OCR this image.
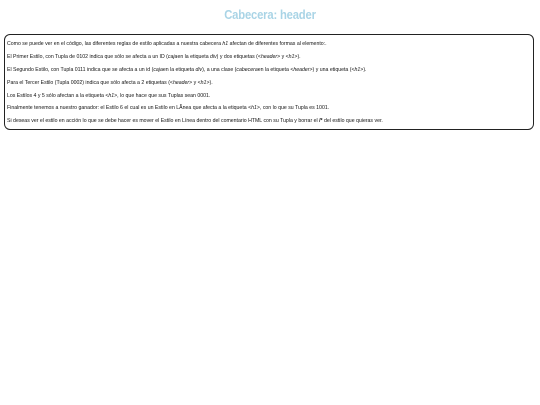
Cabecera: header

Como se puede ver en el código, las diferentes reglas de estilo aplicadas a nuestra cabecera h1 afectan de diferentes formas al elemento:.

El Primer Estilo, con Tupla de 0102 indica que sólo se afecta a un ID (cajaen la etiqueta div) y dos etiquetas (<header> y <h1>).

El Segundo Estilo, con Tupla 0111 indica que se afecta a un id (cajaen la etiqueta div), a una clase (cabeceraen la etiqueta <header>) y una etiqueta (<h1>).

Para el Tercer Estilo (Tupla 0002) indica que sólo afecta a 2 etiquetas (<header> y <h1>).

Los Estilos 4 y 5 sólo afectan a la etiqueta <h1>, lo que hace que sus Tuplas sean 0001.

Finalmente tenemos a nuestro ganador: el Estilo 6 el cual es un Estilo en LÃnea que afecta a la etiqueta <h1>, con lo que su Tupla es 1001.

Si deseas ver el estilo en acción lo que se debe hacer es mover el Estilo en Línea dentro del comentario HTML con su Tupla y borrar el /* del estilo que quieras ver.
